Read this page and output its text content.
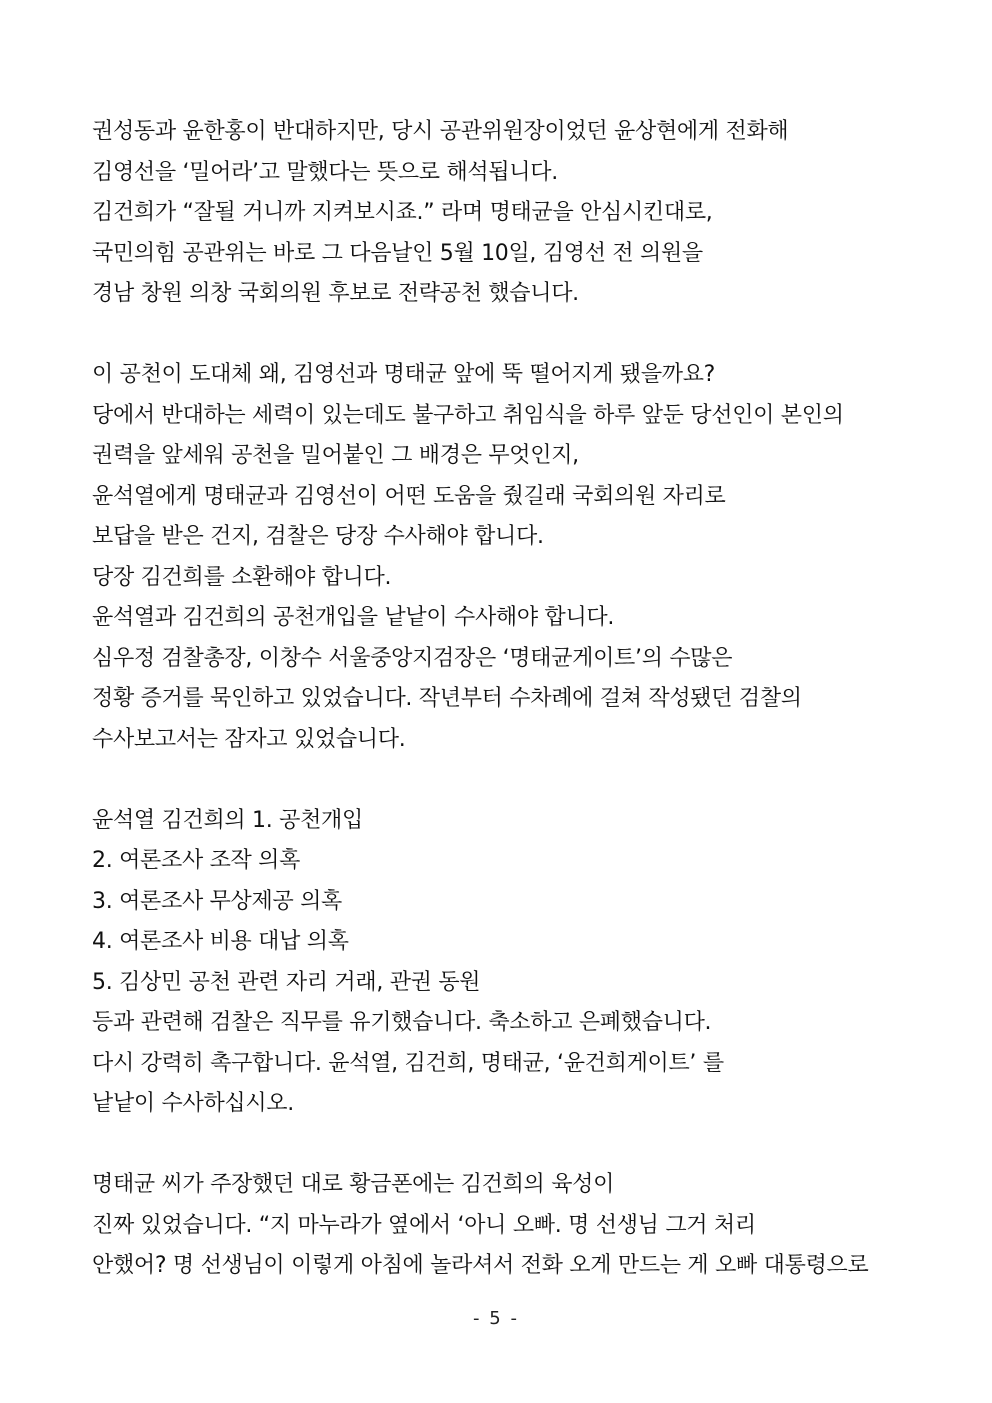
권성동과 윤한홍이 반대하지만, 당시 공관위원장이었던 윤상현에게 전화해
김영선을 ‘밀어라’고 말했다는 뜻으로 해석됩니다.
김건희가 “잘될 거니까 지켜보시죠.” 라며 명태균을 안심시킨대로,
국민의힘 공관위는 바로 그 다음날인 5월 10일, 김영선 전 의원을
경남 창원 의창 국회의원 후보로 전략공천 했습니다.
이 공천이 도대체 왜, 김영선과 명태균 앞에 뚝 떨어지게 됐을까요?
당에서 반대하는 세력이 있는데도 불구하고 취임식을 하루 앞둔 당선인이 본인의
권력을 앞세워 공천을 밀어붙인 그 배경은 무엇인지,
윤석열에게 명태균과 김영선이 어떤 도움을 줬길래 국회의원 자리로
보답을 받은 건지, 검찰은 당장 수사해야 합니다.
당장 김건희를 소환해야 합니다.
윤석열과 김건희의 공천개입을 낱낱이 수사해야 합니다.
심우정 검찰총장, 이창수 서울중앙지검장은 ‘명태균게이트’의 수많은
정황 증거를 묵인하고 있었습니다. 작년부터 수차례에 걸쳐 작성됐던 검찰의
수사보고서는 잠자고 있었습니다.
윤석열 김건희의 1. 공천개입
2. 여론조사 조작 의혹
3. 여론조사 무상제공 의혹
4. 여론조사 비용 대납 의혹
5. 김상민 공천 관련 자리 거래, 관권 동원
등과 관련해 검찰은 직무를 유기했습니다. 축소하고 은폐했습니다.
다시 강력히 촉구합니다. 윤석열, 김건희, 명태균, ‘윤건희게이트’ 를
낱낱이 수사하십시오.
명태균 씨가 주장했던 대로 황금폰에는 김건희의 육성이
진짜 있었습니다. “지 마누라가 옆에서 ‘아니 오빠. 명 선생님 그거 처리
안했어? 명 선생님이 이렇게 아침에 놀라셔서 전화 오게 만드는 게 오빠 대통령으로
- 5 -
